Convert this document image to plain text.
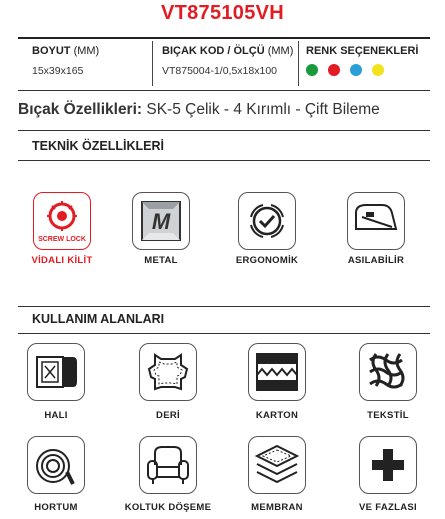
VT875105VH
BOYUT (MM)
15x39x165
BIÇAK KOD / ÖLÇÜ (MM)
VT875004-1/0,5x18x100
RENK SEÇENEKLERİ
Bıçak Özellikleri: SK-5 Çelik - 4 Kırımlı - Çift Bileme
TEKNİK ÖZELLİKLERİ
SCREW LOCK
VİDALI KİLİT
M
METAL	ERGONOMİK	ASILABİLİR
KULLANIM ALANLARI
HALI	DERİ	KARTON	TEKSTİL
HORTUM	KOLTUK DÖŞEME	MEMBRAN	VE FAZLASI
